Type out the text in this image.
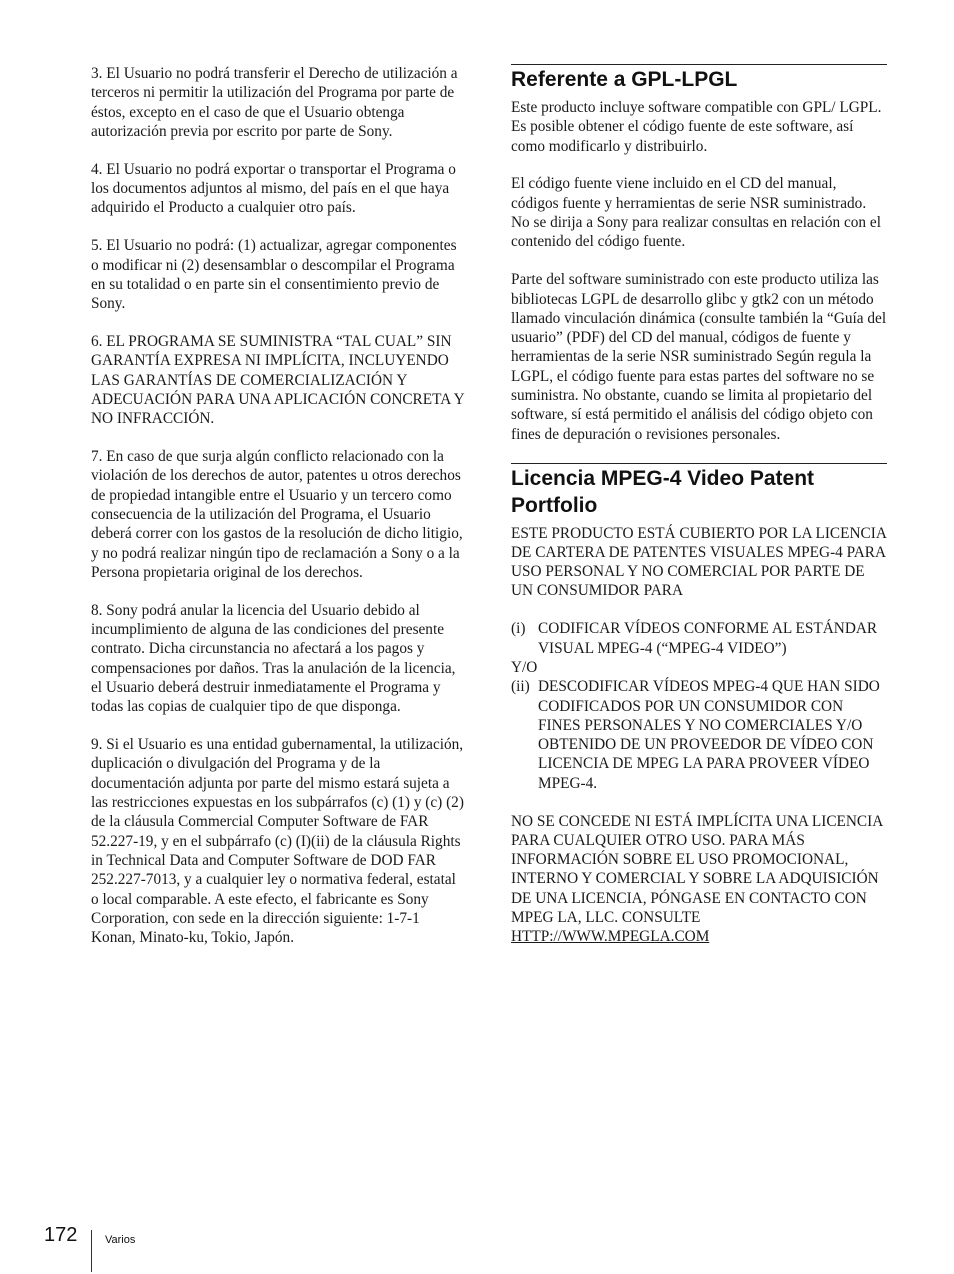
3. El Usuario no podrá transferir el Derecho de utilización a terceros ni permitir la utilización del Programa por parte de éstos, excepto en el caso de que el Usuario obtenga autorización previa por escrito por parte de Sony.

4. El Usuario no podrá exportar o transportar el Programa o los documentos adjuntos al mismo, del país en el que haya adquirido el Producto a cualquier otro país.

5. El Usuario no podrá: (1) actualizar, agregar componentes o modificar ni (2) desensamblar o descompilar el Programa en su totalidad o en parte sin el consentimiento previo de Sony.

6. EL PROGRAMA SE SUMINISTRA “TAL CUAL” SIN GARANTÍA EXPRESA NI IMPLÍCITA, INCLUYENDO LAS GARANTÍAS DE COMERCIALIZACIÓN Y ADECUACIÓN PARA UNA APLICACIÓN CONCRETA Y NO INFRACCIÓN.

7. En caso de que surja algún conflicto relacionado con la violación de los derechos de autor, patentes u otros derechos de propiedad intangible entre el Usuario y un tercero como consecuencia de la utilización del Programa, el Usuario deberá correr con los gastos de la resolución de dicho litigio, y no podrá realizar ningún tipo de reclamación a Sony o a la Persona propietaria original de los derechos.

8. Sony podrá anular la licencia del Usuario debido al incumplimiento de alguna de las condiciones del presente contrato. Dicha circunstancia no afectará a los pagos y compensaciones por daños. Tras la anulación de la licencia, el Usuario deberá destruir inmediatamente el Programa y todas las copias de cualquier tipo de que disponga.

9. Si el Usuario es una entidad gubernamental, la utilización, duplicación o divulgación del Programa y de la documentación adjunta por parte del mismo estará sujeta a las restricciones expuestas en los subpárrafos (c) (1) y (c) (2) de la cláusula Commercial Computer Software de FAR 52.227-19, y en el subpárrafo (c) (I)(ii) de la cláusula Rights in Technical Data and Computer Software de DOD FAR 252.227-7013, y a cualquier ley o normativa federal, estatal o local comparable. A este efecto, el fabricante es Sony Corporation, con sede en la dirección siguiente: 1-7-1 Konan, Minato-ku, Tokio, Japón.

Referente a GPL-LPGL

Este producto incluye software compatible con GPL/ LGPL. Es posible obtener el código fuente de este software, así como modificarlo y distribuirlo.

El código fuente viene incluido en el CD del manual, códigos fuente y herramientas de serie NSR suministrado.

No se dirija a Sony para realizar consultas en relación con el contenido del código fuente.

Parte del software suministrado con este producto utiliza las bibliotecas LGPL de desarrollo glibc y gtk2 con un método llamado vinculación dinámica (consulte también la “Guía del usuario” (PDF) del CD del manual, códigos de fuente y herramientas de la serie NSR suministrado Según regula la LGPL, el código fuente para estas partes del software no se suministra. No obstante, cuando se limita al propietario del software, sí está permitido el análisis del código objeto con fines de depuración o revisiones personales.

Licencia MPEG-4 Video Patent Portfolio

ESTE PRODUCTO ESTÁ CUBIERTO POR LA LICENCIA DE CARTERA DE PATENTES VISUALES MPEG-4 PARA USO PERSONAL Y NO COMERCIAL POR PARTE DE UN CONSUMIDOR PARA

(i) CODIFICAR VÍDEOS CONFORME AL ESTÁNDAR VISUAL MPEG-4 (“MPEG-4 VIDEO”)

Y/O

(ii) DESCODIFICAR VÍDEOS MPEG-4 QUE HAN SIDO CODIFICADOS POR UN CONSUMIDOR CON FINES PERSONALES Y NO COMERCIALES Y/O OBTENIDO DE UN PROVEEDOR DE VÍDEO CON LICENCIA DE MPEG LA PARA PROVEER VÍDEO MPEG-4.

NO SE CONCEDE NI ESTÁ IMPLÍCITA UNA LICENCIA PARA CUALQUIER OTRO USO. PARA MÁS INFORMACIÓN SOBRE EL USO PROMOCIONAL, INTERNO Y COMERCIAL Y SOBRE LA ADQUISICIÓN DE UNA LICENCIA, PÓNGASE EN CONTACTO CON MPEG LA, LLC. CONSULTE

HTTP://WWW.MPEGLA.COM
172	Varios
